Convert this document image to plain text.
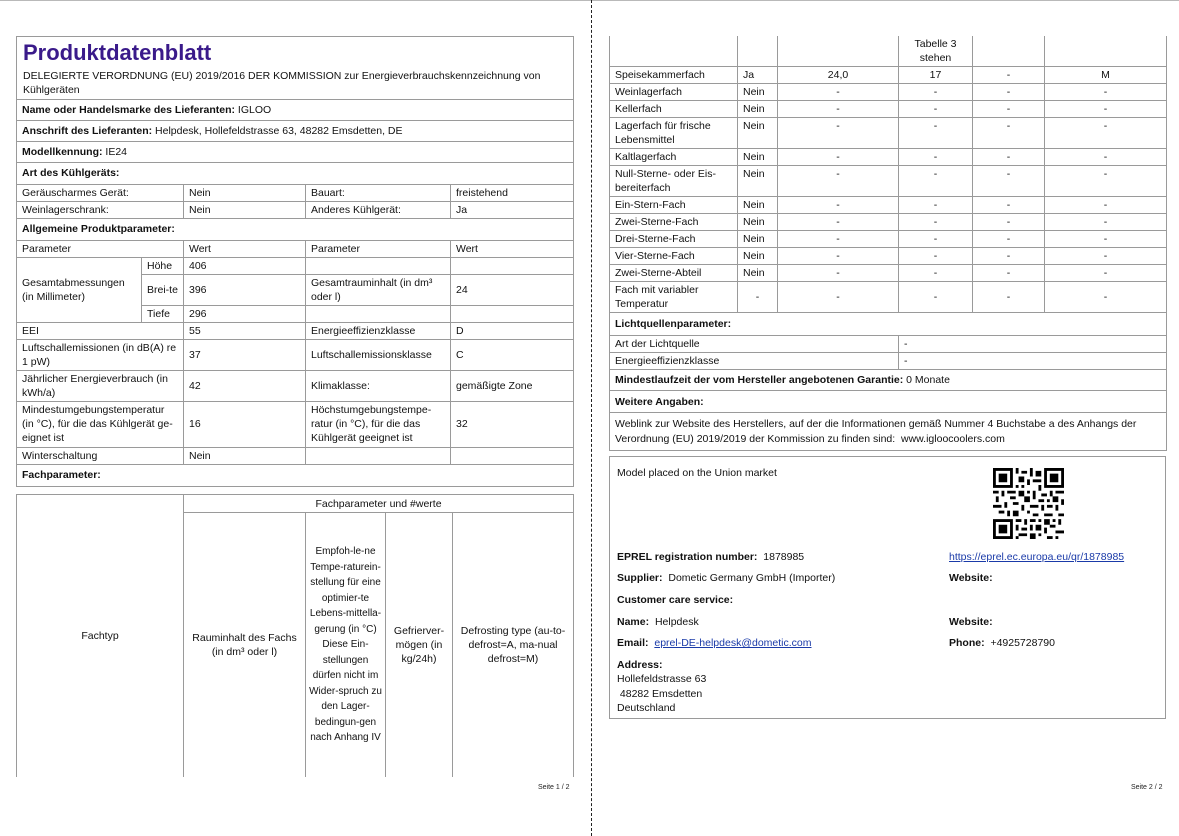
Produktdatenblatt				
DELEGIERTE VERORDNUNG (EU) 2019/2016 DER KOMMISSION zur Energieverbrauchskennzeichnung von Kühlgeräten				
Name oder Handelsmarke des Lieferanten: IGLOO				
Anschrift des Lieferanten: Helpdesk, Hollefeldstrasse 63, 48282 Emsdetten, DE				
Modellkennung: IE24				
Art des Kühlgeräts:				
Geräuscharmes Gerät:		Nein	Bauart:	freistehend
Weinlagerschrank:		Nein	Anderes Kühlgerät:	Ja
Allgemeine Produktparameter:				
Parameter		Wert	Parameter	Wert
Gesamtabmessungen (in Millimeter)	Höhe	406		
	Brei-te	396	Gesamtrauminhalt (in dm³ oder l)	24
	Tiefe	296		
EEI		55	Energieeffizienzklasse	D
Luftschallemissionen (in dB(A) re 1 pW)		37	Luftschallemissionsklasse	C
Jährlicher Energieverbrauch (in kWh/a)		42	Klimaklasse:	gemäßigte Zone
Mindestumgebungstemperatur (in °C), für die das Kühlgerät ge-eignet ist		16	Höchstumgebungstempe-ratur (in °C), für die das Kühlgerät geeignet ist	32
Winterschaltung		Nein		
Fachparameter:				
Fachtyp	Fachparameter und #werte			
	Rauminhalt des Fachs (in dm³ oder l)	Empfoh-le-ne Tempe-raturein-stellung für eine optimier-te Lebens-mittella-gerung (in °C) Diese Ein-stellungen dürfen nicht im Wider-spruch zu den Lager-bedingun-gen nach Anhang IV	Gefrierver-mögen (in kg/24h)	Defrosting type (au-to-defrost=A, ma-nual defrost=M)
Seite 1 / 2
			Tabelle 3 stehen		
Speisekammerfach	Ja	24,0	17	-	M
Weinlagerfach	Nein	-	-	-	-
Kellerfach	Nein	-	-	-	-
Lagerfach für frische Lebensmittel	Nein	-	-	-	-
Kaltlagerfach	Nein	-	-	-	-
Null-Sterne- oder Eis-bereiterfach	Nein	-	-	-	-
Ein-Stern-Fach	Nein	-	-	-	-
Zwei-Sterne-Fach	Nein	-	-	-	-
Drei-Sterne-Fach	Nein	-	-	-	-
Vier-Sterne-Fach	Nein	-	-	-	-
Zwei-Sterne-Abteil	Nein	-	-	-	-
Fach mit variabler Temperatur	-	-	-	-	-
Lichtquellenparameter:					
Art der Lichtquelle			-		
Energieeffizienzklasse			-		
Mindestlaufzeit der vom Hersteller angebotenen Garantie: 0 Monate					
Weitere Angaben:					
Weblink zur Website des Herstellers, auf der die Informationen gemäß Nummer 4 Buchstabe a des Anhangs der Verordnung (EU) 2019/2019 der Kommission zu finden sind: www.igloocoolers.com					
Model placed on the Union market
EPREL registration number: 1878985	https://eprel.ec.europa.eu/qr/1878985
Supplier: Dometic Germany GmbH (Importer)	Website:
Customer care service:
Name: Helpdesk	Website:
Email: eprel-DE-helpdesk@dometic.com	Phone: +4925728790
Address:
Hollefeldstrasse 63
48282 Emsdetten
Deutschland
Seite 2 / 2
